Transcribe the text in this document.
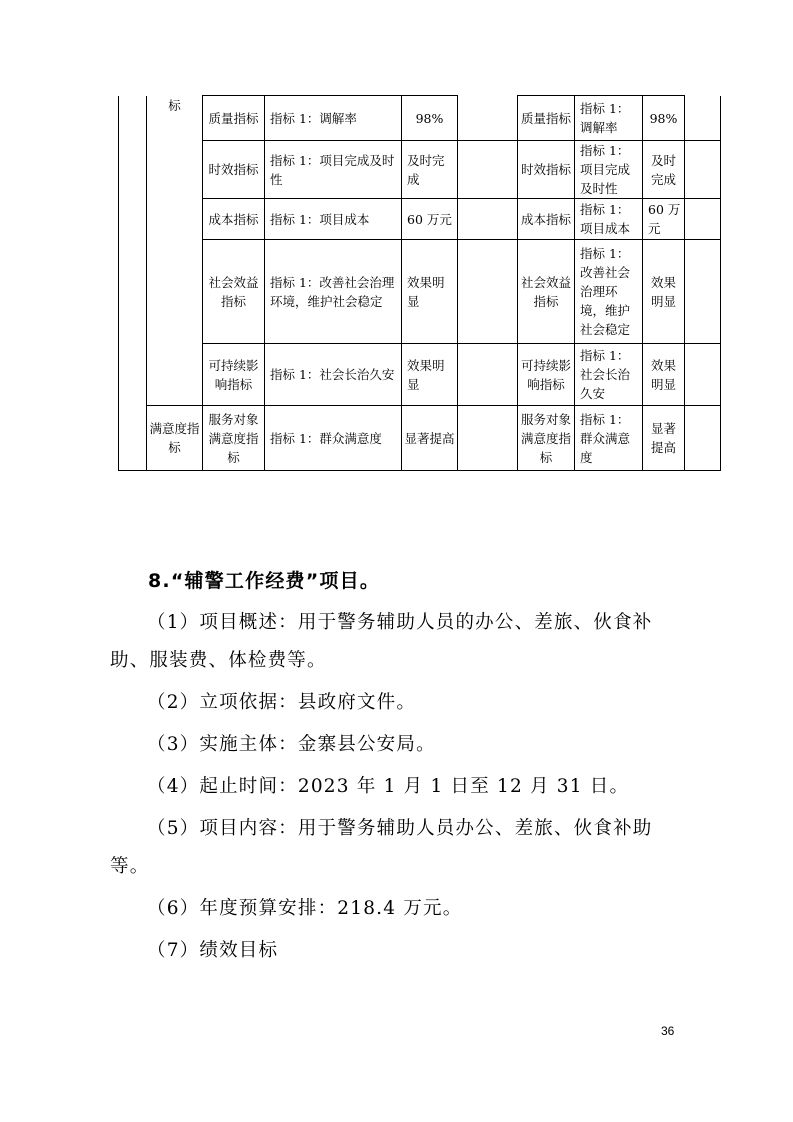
	标	质量指标	指标 1：调解率	98%		质量指标	指标 1：调解率	98%	
		时效指标	指标 1：项目完成及时性	及时完成		时效指标	指标 1：项目完成及时性	及时完成	
		成本指标	指标 1：项目成本	60 万元		成本指标	指标 1：项目成本	60 万元	
		社会效益指标	指标 1：改善社会治理环境，维护社会稳定	效果明显		社会效益指标	指标 1：改善社会治理环境，维护社会稳定	效果明显	
		可持续影响指标	指标 1：社会长治久安	效果明显		可持续影响指标	指标 1：社会长治久安	效果明显	
	满意度指标	服务对象满意度指标	指标 1：群众满意度	显著提高		服务对象满意度指标	指标 1：群众满意度	显著提高	

8.“辅警工作经费”项目。

（1）项目概述：用于警务辅助人员的办公、差旅、伙食补助、服装费、体检费等。

（2）立项依据：县政府文件。

（3）实施主体：金寨县公安局。

（4）起止时间：2023 年 1 月 1 日至 12 月 31 日。

（5）项目内容：用于警务辅助人员办公、差旅、伙食补助等。

（6）年度预算安排：218.4 万元。

（7）绩效目标

36
